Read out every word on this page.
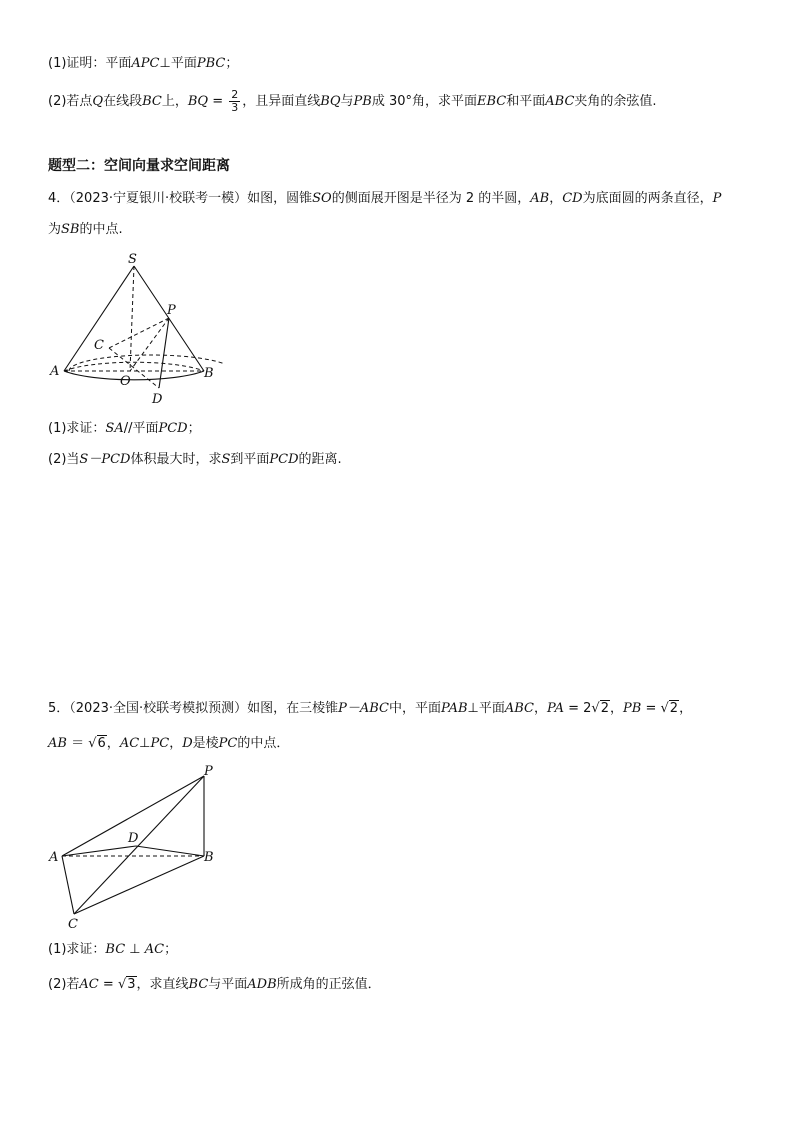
(1)证明：平面APC⊥平面PBC；
(2)若点Q在线段BC上，BQ = $\frac{2}{3}$ ，且异面直线BQ与PB成 30°角，求平面EBC和平面ABC夹角的余弦值.
题型二：空间向量求空间距离
4．（2023·宁夏银川·校联考一模）如图，圆锥SO的侧面展开图是半径为 2 的半圆，AB，CD为底面圆的两条直径，P
为SB的中点.
S
P
C
A
O
B
D
(1)求证：SA//平面PCD；
(2)当S－PCD体积最大时，求S到平面PCD的距离.
5．（2023·全国·校联考模拟预测）如图，在三棱锥P－ABC中，平面PAB⊥平面ABC，PA = 2√2，PB = √2，
AB ＝ √6，AC⊥PC，D是棱PC的中点．
P
D
A	B
C
(1)求证：BC ⊥ AC；
(2)若AC = √3，求直线BC与平面ADB所成角的正弦值．
